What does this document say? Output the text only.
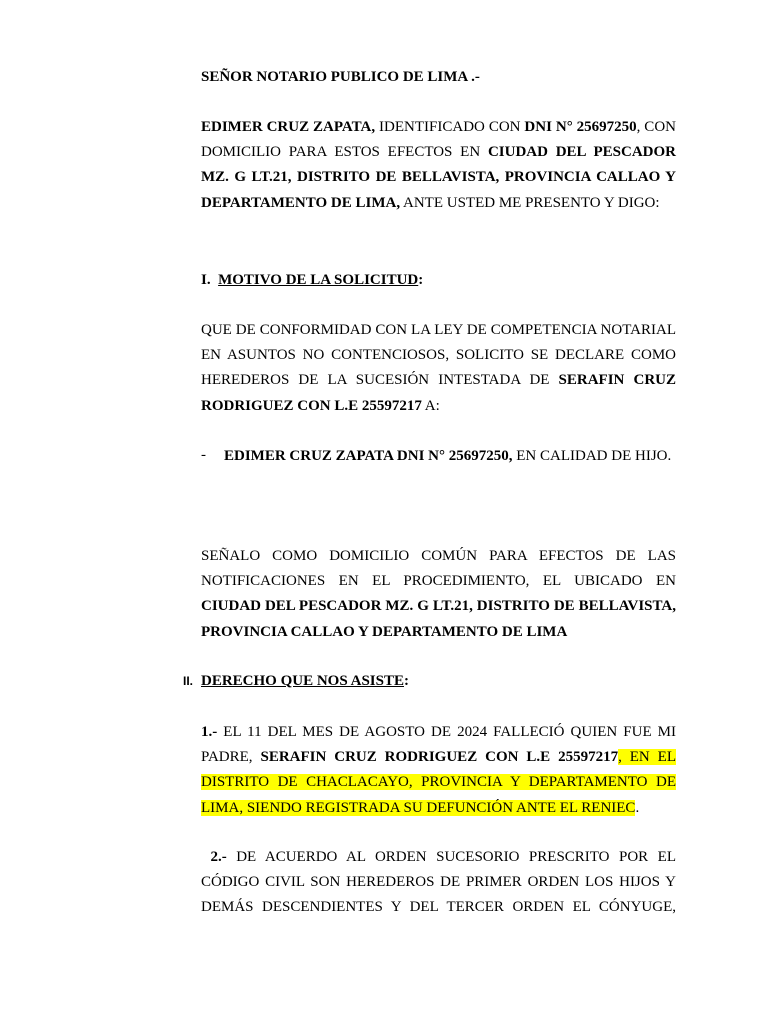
SEÑOR NOTARIO PUBLICO DE LIMA .-
EDIMER CRUZ ZAPATA, IDENTIFICADO CON DNI N° 25697250, CON DOMICILIO PARA ESTOS EFECTOS EN CIUDAD DEL PESCADOR MZ. G LT.21, DISTRITO DE BELLAVISTA, PROVINCIA CALLAO Y DEPARTAMENTO DE LIMA, ANTE USTED ME PRESENTO Y DIGO:
I. MOTIVO DE LA SOLICITUD:
QUE DE CONFORMIDAD CON LA LEY DE COMPETENCIA NOTARIAL EN ASUNTOS NO CONTENCIOSOS, SOLICITO SE DECLARE COMO HEREDEROS DE LA SUCESIÓN INTESTADA DE SERAFIN CRUZ RODRIGUEZ CON L.E 25597217 A:
- EDIMER CRUZ ZAPATA DNI N° 25697250, EN CALIDAD DE HIJO.
SEÑALO COMO DOMICILIO COMÚN PARA EFECTOS DE LAS NOTIFICACIONES EN EL PROCEDIMIENTO, EL UBICADO EN CIUDAD DEL PESCADOR MZ. G LT.21, DISTRITO DE BELLAVISTA, PROVINCIA CALLAO Y DEPARTAMENTO DE LIMA
II. DERECHO QUE NOS ASISTE:
1.- EL 11 DEL MES DE AGOSTO DE 2024 FALLECIÓ QUIEN FUE MI PADRE, SERAFIN CRUZ RODRIGUEZ CON L.E 25597217, EN EL DISTRITO DE CHACLACAYO, PROVINCIA Y DEPARTAMENTO DE LIMA, SIENDO REGISTRADA SU DEFUNCIÓN ANTE EL RENIEC.
2.- DE ACUERDO AL ORDEN SUCESORIO PRESCRITO POR EL CÓDIGO CIVIL SON HEREDEROS DE PRIMER ORDEN LOS HIJOS Y DEMÁS DESCENDIENTES Y DEL TERCER ORDEN EL CÓNYUGE,
